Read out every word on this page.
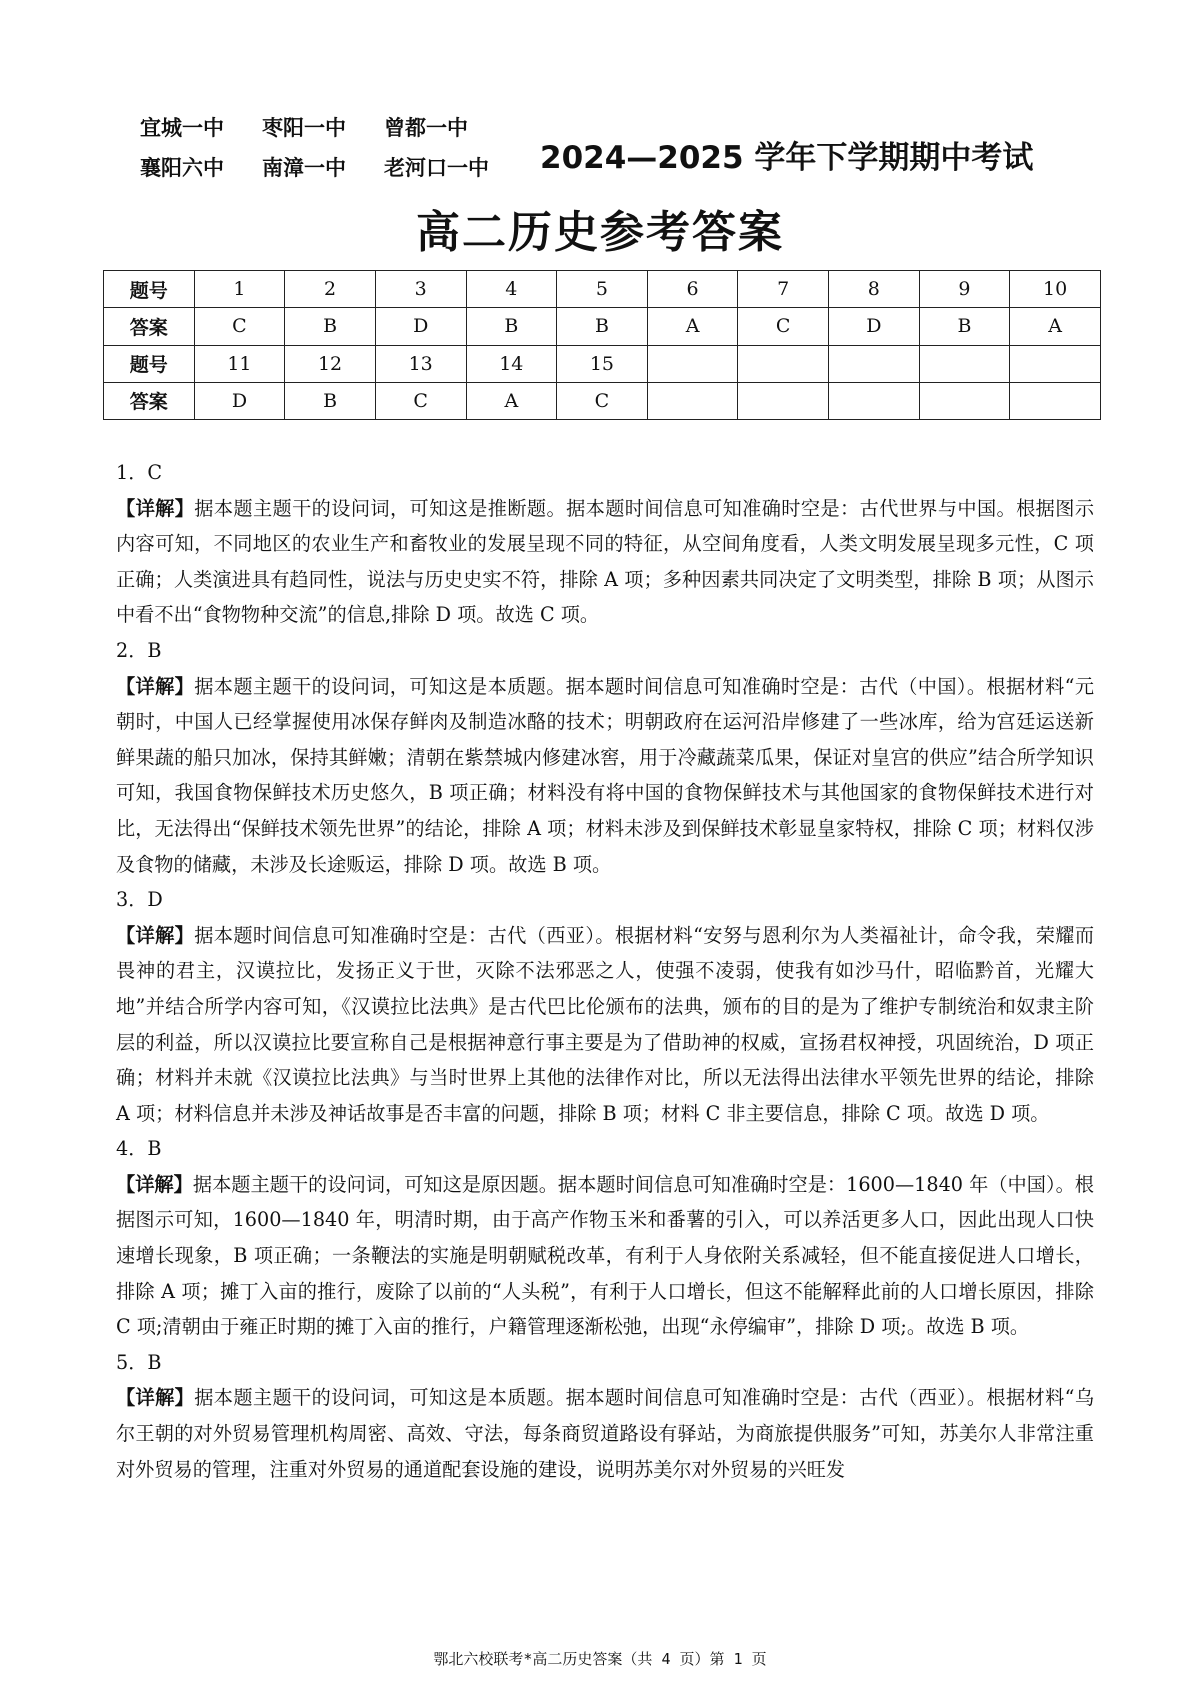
宜城一中	枣阳一中	曾都一中
襄阳六中	南漳一中	老河口一中	2024—2025 学年下学期期中考试
高二历史参考答案
题号	1	2	3	4	5	6	7	8	9	10
答案	C	B	D	B	B	A	C	D	B	A
题号	11	12	13	14	15					
答案	D	B	C	A	C					
1．C
【详解】据本题主题干的设问词，可知这是推断题。据本题时间信息可知准确时空是：古代世界与中国。根据图示内容可知，不同地区的农业生产和畜牧业的发展呈现不同的特征，从空间角度看，人类文明发展呈现多元性，C 项正确；人类演进具有趋同性，说法与历史史实不符，排除 A 项；多种因素共同决定了文明类型，排除 B 项；从图示中看不出“食物物种交流”的信息,排除 D 项。故选 C 项。
2．B
【详解】据本题主题干的设问词，可知这是本质题。据本题时间信息可知准确时空是：古代（中国）。根据材料“元朝时，中国人已经掌握使用冰保存鲜肉及制造冰酪的技术；明朝政府在运河沿岸修建了一些冰库，给为宫廷运送新鲜果蔬的船只加冰，保持其鲜嫩；清朝在紫禁城内修建冰窖，用于冷藏蔬菜瓜果，保证对皇宫的供应”结合所学知识可知，我国食物保鲜技术历史悠久，B 项正确；材料没有将中国的食物保鲜技术与其他国家的食物保鲜技术进行对比，无法得出“保鲜技术领先世界”的结论，排除 A 项；材料未涉及到保鲜技术彰显皇家特权，排除 C 项；材料仅涉及食物的储藏，未涉及长途贩运，排除 D 项。故选 B 项。
3．D
【详解】据本题时间信息可知准确时空是：古代（西亚）。根据材料“安努与恩利尔为人类福祉计，命令我，荣耀而畏神的君主，汉谟拉比，发扬正义于世，灭除不法邪恶之人，使强不凌弱，使我有如沙马什，昭临黔首，光耀大地”并结合所学内容可知，《汉谟拉比法典》是古代巴比伦颁布的法典，颁布的目的是为了维护专制统治和奴隶主阶层的利益，所以汉谟拉比要宣称自己是根据神意行事主要是为了借助神的权威，宣扬君权神授，巩固统治，D 项正确；材料并未就《汉谟拉比法典》与当时世界上其他的法律作对比，所以无法得出法律水平领先世界的结论，排除 A 项；材料信息并未涉及神话故事是否丰富的问题，排除 B 项；材料 C 非主要信息，排除 C 项。故选 D 项。
4．B
【详解】据本题主题干的设问词，可知这是原因题。据本题时间信息可知准确时空是：1600—1840 年（中国）。根据图示可知，1600—1840 年，明清时期，由于高产作物玉米和番薯的引入，可以养活更多人口，因此出现人口快速增长现象，B 项正确；一条鞭法的实施是明朝赋税改革，有利于人身依附关系减轻，但不能直接促进人口增长，排除 A 项；摊丁入亩的推行，废除了以前的“人头税”，有利于人口增长，但这不能解释此前的人口增长原因，排除 C 项;清朝由于雍正时期的摊丁入亩的推行，户籍管理逐渐松弛，出现“永停编审”，排除 D 项;。故选 B 项。
5．B
【详解】据本题主题干的设问词，可知这是本质题。据本题时间信息可知准确时空是：古代（西亚）。根据材料“乌尔王朝的对外贸易管理机构周密、高效、守法，每条商贸道路设有驿站，为商旅提供服务”可知，苏美尔人非常注重对外贸易的管理，注重对外贸易的通道配套设施的建设，说明苏美尔对外贸易的兴旺发
鄂北六校联考*高二历史答案（共 4 页）第 1 页
